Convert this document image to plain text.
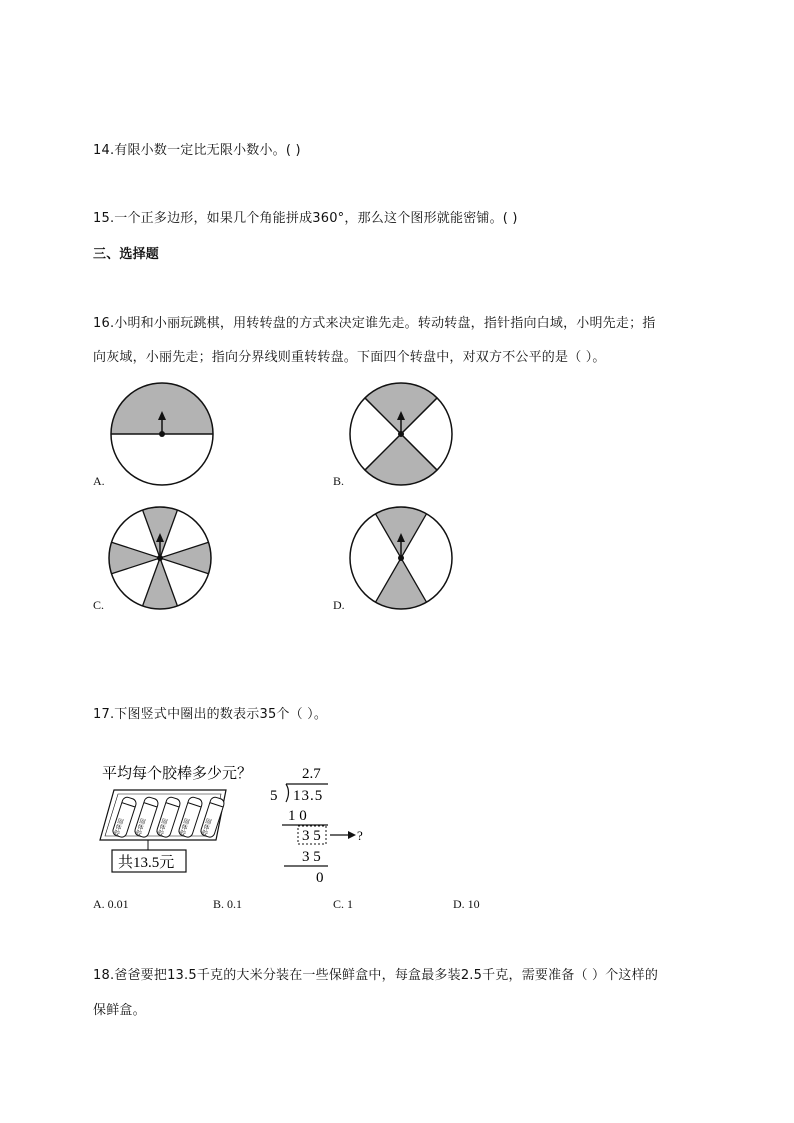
14.有限小数一定比无限小数小。( )
15.一个正多边形，如果几个角能拼成360°，那么这个图形就能密铺。( )
三、选择题
16.小明和小丽玩跳棋，用转转盘的方式来决定谁先走。转动转盘，指针指向白域，小明先走；指
向灰域，小丽先走；指向分界线则重转转盘。下面四个转盘中，对双方不公平的是（ ）。
A.	B.
C.	D.
17.下图竖式中圈出的数表示35个（ ）。
平均每个胶棒多少元？
固体胶 固体胶 固体胶 固体胶 固体胶
共13.5元
2.7
5 13.5
1 0
3 5	?
3 5
0
A. 0.01	B. 0.1	C. 1	D. 10
18.爸爸要把13.5千克的大米分装在一些保鲜盒中，每盒最多装2.5千克，需要准备（ ）个这样的
保鲜盒。
